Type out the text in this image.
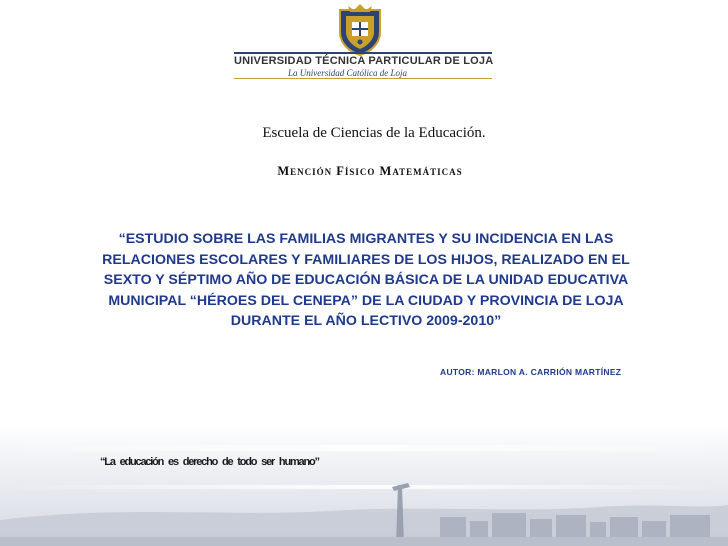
UNIVERSIDAD TÉCNICA PARTICULAR DE LOJA
La Universidad Católica de Loja
Escuela de Ciencias de la Educación.
Mención Físico Matemáticas
“ESTUDIO SOBRE LAS FAMILIAS MIGRANTES Y SU INCIDENCIA EN LAS
RELACIONES ESCOLARES Y FAMILIARES DE LOS HIJOS, REALIZADO EN EL
SEXTO Y SÉPTIMO AÑO DE EDUCACIÓN BÁSICA DE LA UNIDAD EDUCATIVA
MUNICIPAL “HÉROES DEL CENEPA” DE LA CIUDAD Y PROVINCIA DE LOJA
DURANTE EL AÑO LECTIVO 2009-2010”
AUTOR: MARLON A. CARRIÓN MARTÍNEZ
“La educación es derecho de todo ser humano”
